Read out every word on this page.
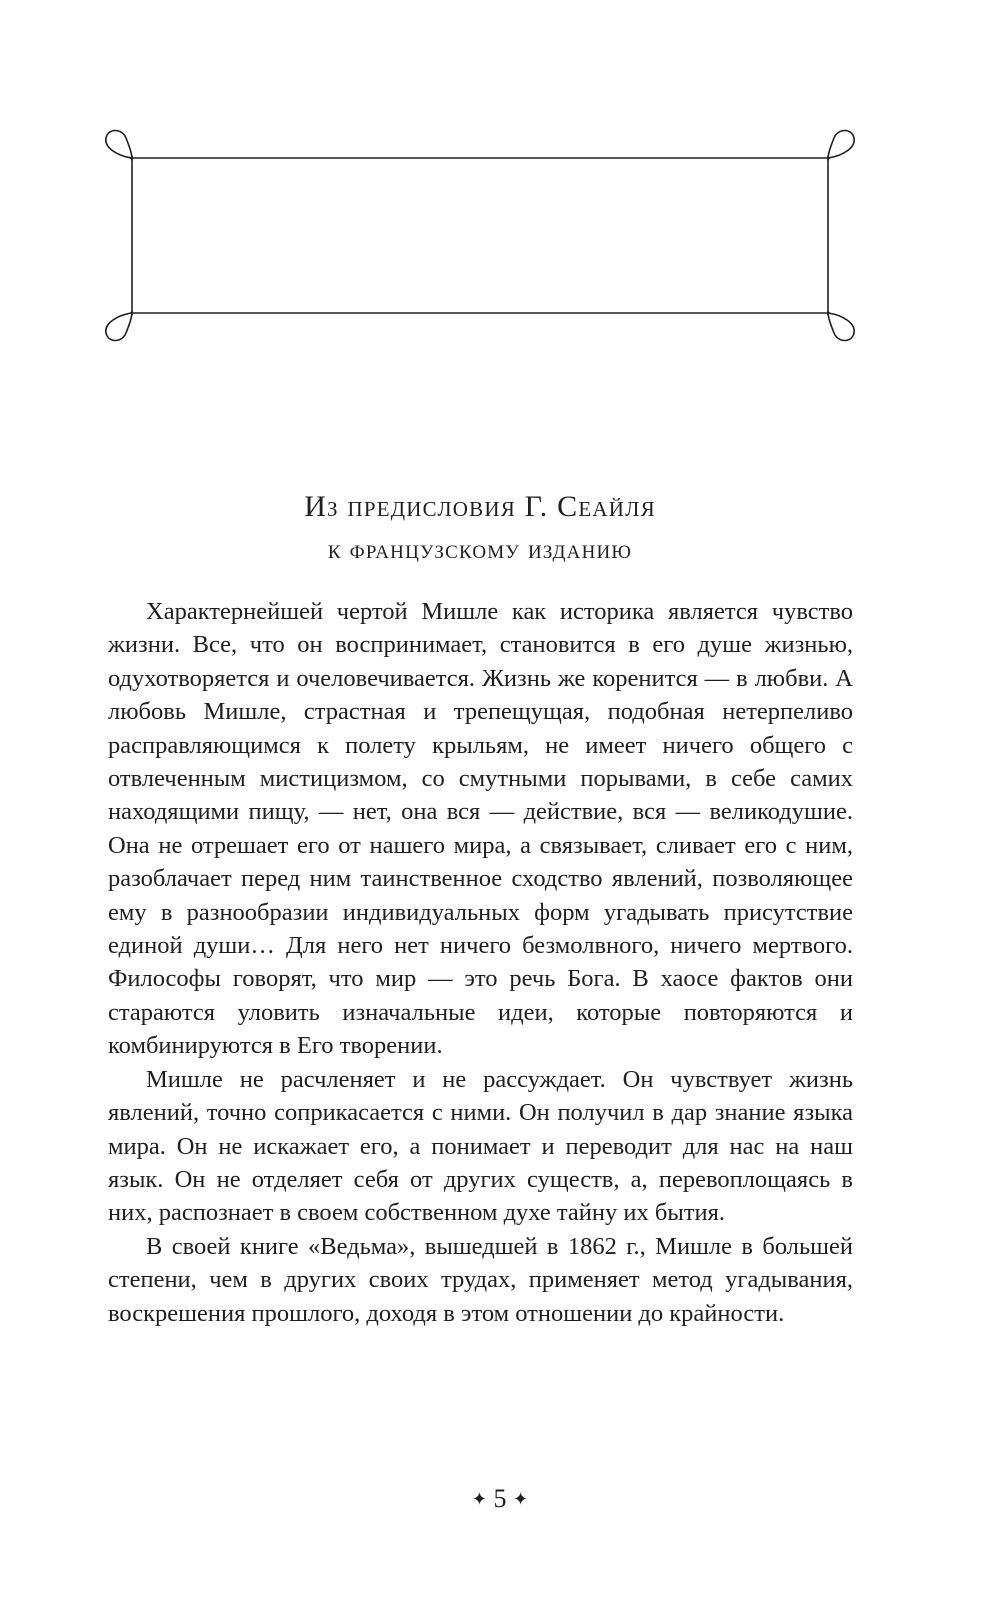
Из предисловия Г. Сеайля
к французскому изданию

Характернейшей чертой Мишле как историка является чувство жизни. Все, что он воспринимает, становится в его душе жизнью, одухотворяется и очеловечивается. Жизнь же коренится — в любви. А любовь Мишле, страстная и трепещущая, подобная нетерпеливо расправляющимся к полету крыльям, не имеет ничего общего с отвлеченным мистицизмом, со смутными порывами, в себе самих находящими пищу, — нет, она вся — действие, вся — великодушие. Она не отрешает его от нашего мира, а связывает, сливает его с ним, разоблачает перед ним таинственное сходство явлений, позволяющее ему в разнообразии индивидуальных форм угадывать присутствие единой души… Для него нет ничего безмолвного, ничего мертвого. Философы говорят, что мир — это речь Бога. В хаосе фактов они стараются уловить изначальные идеи, которые повторяются и комбинируются в Его творении.

Мишле не расчленяет и не рассуждает. Он чувствует жизнь явлений, точно соприкасается с ними. Он получил в дар знание языка мира. Он не искажает его, а понимает и переводит для нас на наш язык. Он не отделяет себя от других существ, а, перевоплощаясь в них, распознает в своем собственном духе тайну их бытия.

В своей книге «Ведьма», вышедшей в 1862 г., Мишле в большей степени, чем в других своих трудах, применяет метод угадывания, воскрешения прошлого, доходя в этом отношении до крайности.

✦ 5 ✦
